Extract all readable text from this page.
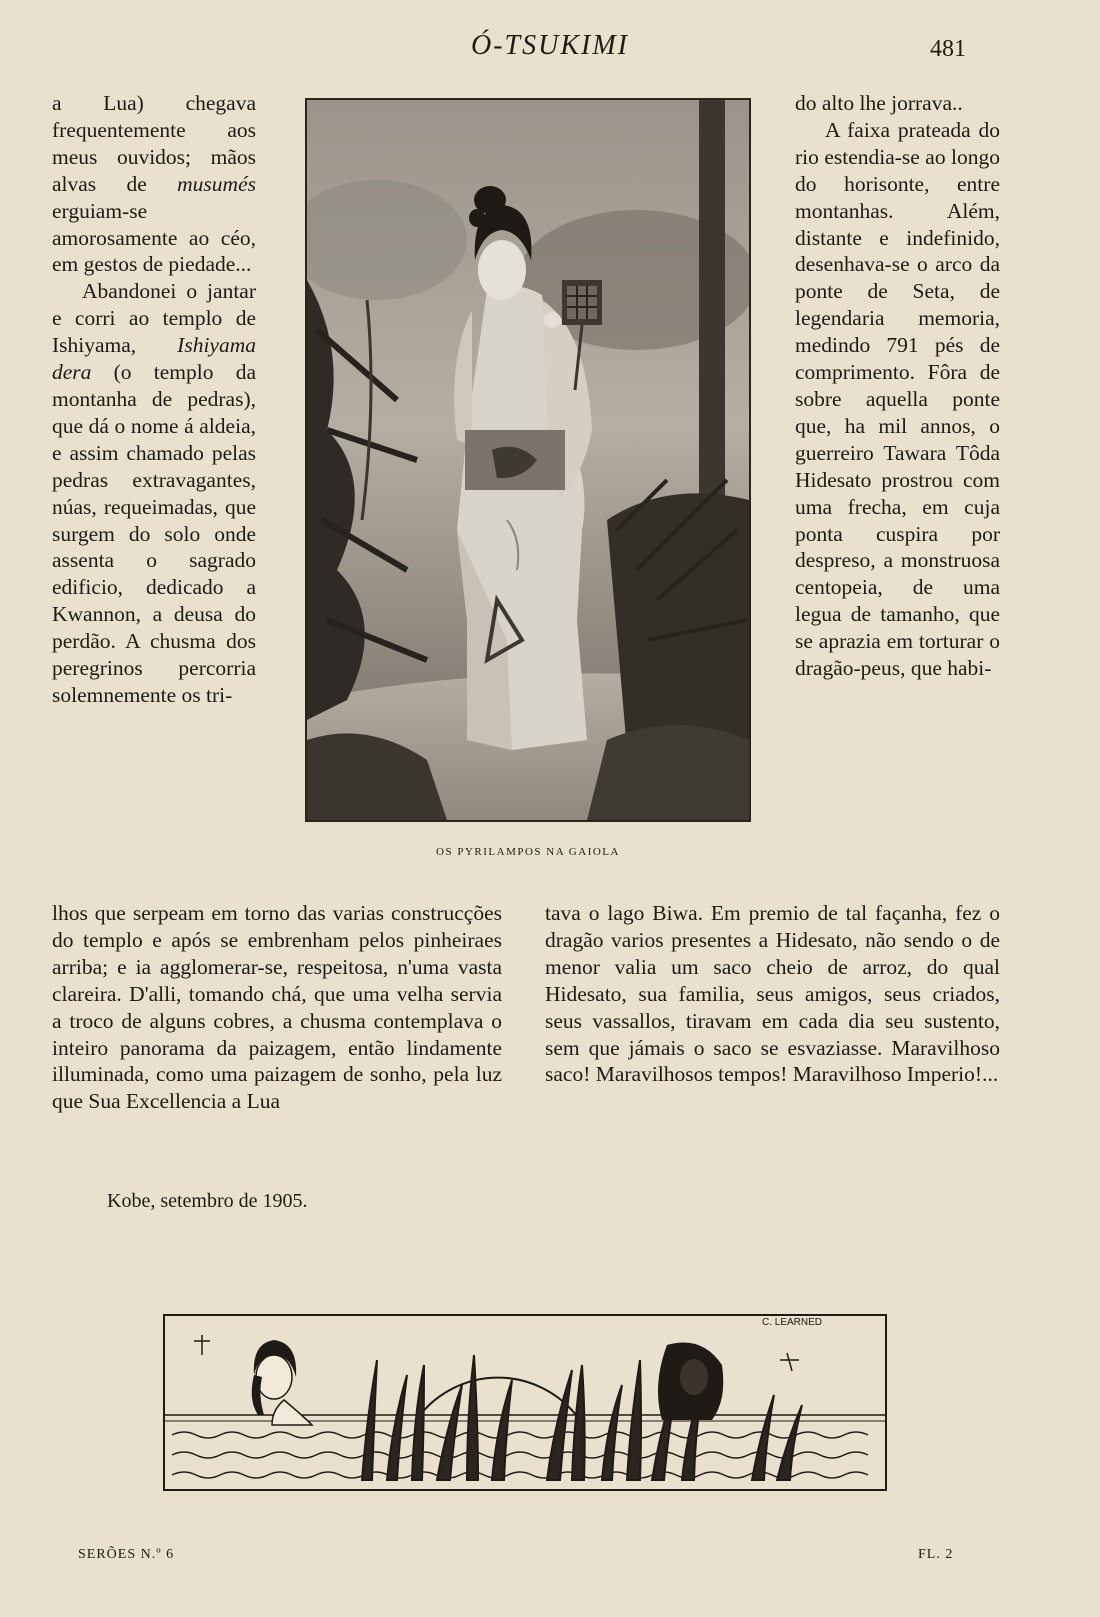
Ó-TSUKIMI	481

a Lua) chegava frequentemente aos meus ouvidos; mãos alvas de musumés erguiam-se amorosamente ao céo, em gestos de piedade...

Abandonei o jantar e corri ao templo de Ishiyama, Ishiyama dera (o templo da montanha de pedras), que dá o nome á aldeia, e assim chamado pelas pedras extravagantes, núas, requeimadas, que surgem do solo onde assenta o sagrado edificio, dedicado a Kwannon, a deusa do perdão. A chusma dos peregrinos percorria solemnemente os tri-

OS PYRILAMPOS NA GAIOLA

do alto lhe jorrava..

A faixa prateada do rio estendia-se ao longo do horisonte, entre montanhas. Além, distante e indefinido, desenhava-se o arco da ponte de Seta, de legendaria memoria, medindo 791 pés de comprimento. Fôra de sobre aquella ponte que, ha mil annos, o guerreiro Tawara Tôda Hidesato prostrou com uma frecha, em cuja ponta cuspira por despreso, a monstruosa centopeia, de uma legua de tamanho, que se aprazia em torturar o dragão-peus, que habi-

lhos que serpeam em torno das varias construcções do templo e após se embrenham pelos pinheiraes arriba; e ia agglomerar-se, respeitosa, n'uma vasta clareira. D'alli, tomando chá, que uma velha servia a troco de alguns cobres, a chusma contemplava o inteiro panorama da paizagem, então lindamente illuminada, como uma paizagem de sonho, pela luz que Sua Excellencia a Lua

tava o lago Biwa. Em premio de tal façanha, fez o dragão varios presentes a Hidesato, não sendo o de menor valia um saco cheio de arroz, do qual Hidesato, sua familia, seus amigos, seus criados, seus vassallos, tiravam em cada dia seu sustento, sem que jámais o saco se esvaziasse. Maravilhoso saco! Maravilhosos tempos! Maravilhoso Imperio!...

Kobe, setembro de 1905.
C. LEARNED
SERÕES N.º 6	FL. 2
